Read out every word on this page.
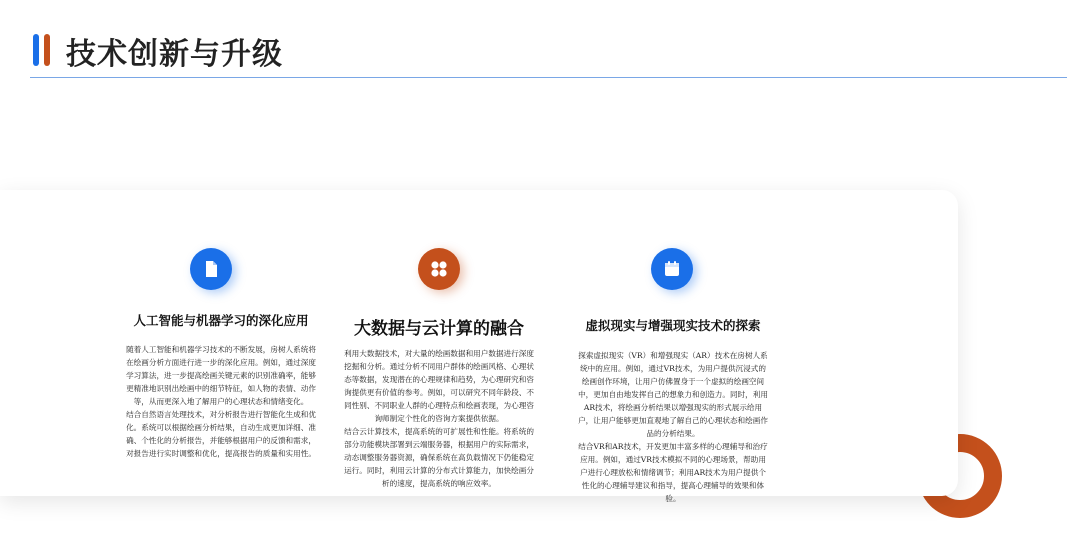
技术创新与升级
人工智能与机器学习的深化应用

随着人工智能和机器学习技术的不断发展，房树人系统将在绘画分析方面进行进一步的深化应用。例如，通过深度学习算法，进一步提高绘画关键元素的识别准确率，能够更精准地识别出绘画中的细节特征，如人物的表情、动作等，从而更深入地了解用户的心理状态和情绪变化。

结合自然语言处理技术，对分析报告进行智能化生成和优化。系统可以根据绘画分析结果，自动生成更加详细、准确、个性化的分析报告，并能够根据用户的反馈和需求，对报告进行实时调整和优化，提高报告的质量和实用性。

大数据与云计算的融合

利用大数据技术，对大量的绘画数据和用户数据进行深度挖掘和分析。通过分析不同用户群体的绘画风格、心理状态等数据，发现潜在的心理规律和趋势，为心理研究和咨询提供更有价值的参考。例如，可以研究不同年龄段、不同性别、不同职业人群的心理特点和绘画表现，为心理咨询师制定个性化的咨询方案提供依据。

结合云计算技术，提高系统的可扩展性和性能。将系统的部分功能模块部署到云端服务器，根据用户的实际需求，动态调整服务器资源，确保系统在高负载情况下仍能稳定运行。同时，利用云计算的分布式计算能力，加快绘画分析的速度，提高系统的响应效率。

虚拟现实与增强现实技术的探索

探索虚拟现实（VR）和增强现实（AR）技术在房树人系统中的应用。例如，通过VR技术，为用户提供沉浸式的绘画创作环境，让用户仿佛置身于一个虚拟的绘画空间中，更加自由地发挥自己的想象力和创造力。同时，利用AR技术，将绘画分析结果以增强现实的形式展示给用户，让用户能够更加直观地了解自己的心理状态和绘画作品的分析结果。

结合VR和AR技术，开发更加丰富多样的心理辅导和治疗应用。例如，通过VR技术模拟不同的心理场景，帮助用户进行心理放松和情绪调节；利用AR技术为用户提供个性化的心理辅导建议和指导，提高心理辅导的效果和体验。
